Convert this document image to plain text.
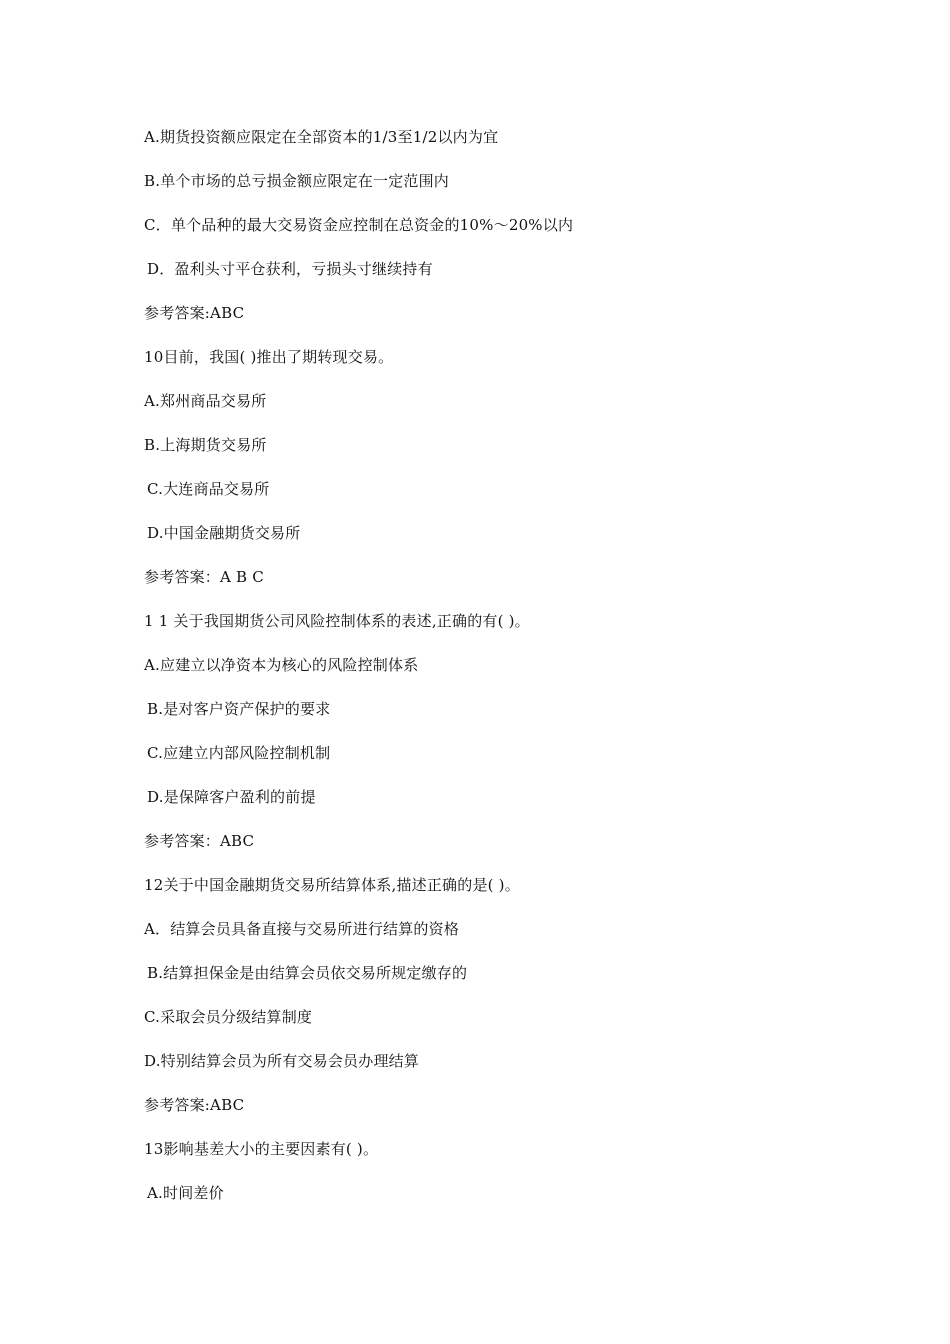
A.期货投资额应限定在全部资本的1/3至1/2以内为宜
B.单个市场的总亏损金额应限定在一定范围内
C．单个品种的最大交易资金应控制在总资金的10%～20%以内
D．盈利头寸平仓获利，亏损头寸继续持有
参考答案:ABC
10目前，我国( )推出了期转现交易。
A.郑州商品交易所
B.上海期货交易所
C.大连商品交易所
D.中国金融期货交易所
参考答案：A B C
1 1 关于我国期货公司风险控制体系的表述,正确的有( )。
A.应建立以净资本为核心的风险控制体系
B.是对客户资产保护的要求
C.应建立内部风险控制机制
D.是保障客户盈利的前提
参考答案：ABC
12关于中国金融期货交易所结算体系,描述正确的是( )。
A．结算会员具备直接与交易所进行结算的资格
B.结算担保金是由结算会员依交易所规定缴存的
C.采取会员分级结算制度
D.特别结算会员为所有交易会员办理结算
参考答案:ABC
13影响基差大小的主要因素有( )。
A.时间差价
